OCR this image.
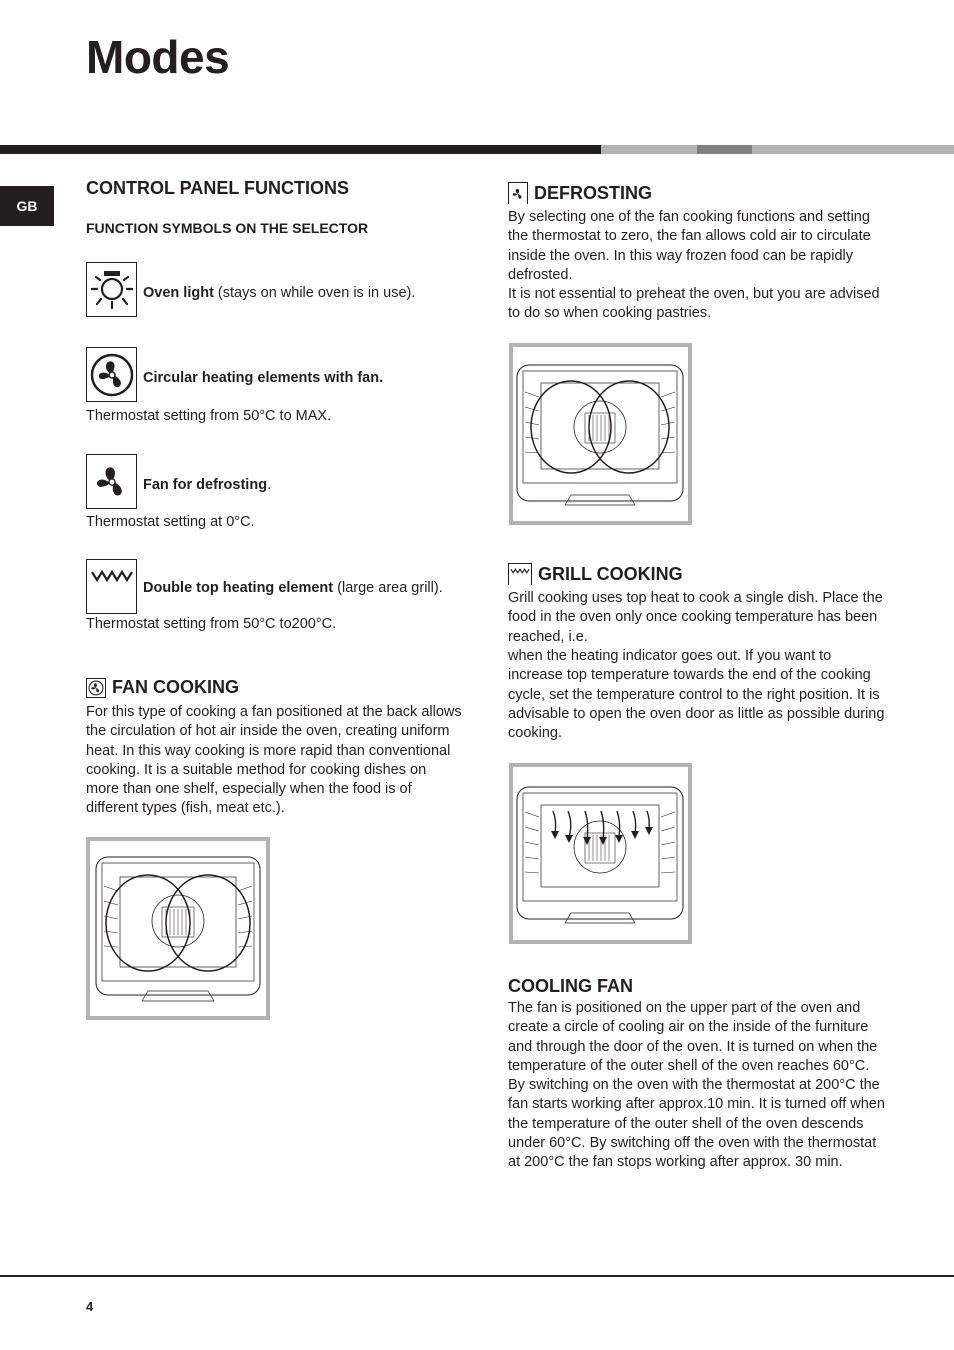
Modes
GB
CONTROL PANEL FUNCTIONS
FUNCTION SYMBOLS ON THE SELECTOR
Oven light (stays on while oven is in use).
Circular heating elements with fan.
Thermostat setting from 50°C to MAX.
Fan for defrosting.
Thermostat setting at 0°C.
Double top heating element (large area grill).
Thermostat setting from 50°C to200°C.
FAN COOKING

For this type of cooking a fan positioned at the back allows the circulation of hot air inside the oven, creating uniform heat. In this way cooking is more rapid than conventional cooking. It is a suitable method for cooking dishes on more than one shelf, especially when the food is of different types (fish, meat etc.).

DEFROSTING

By selecting one of the fan cooking functions and setting the thermostat to zero, the fan allows cold air to circulate inside the oven. In this way frozen food can be rapidly defrosted.

It is not essential to preheat the oven, but you are advised to do so when cooking pastries.

GRILL COOKING

Grill cooking uses top heat to cook a single dish. Place the food in the oven only once cooking temperature has been reached, i.e.

when the heating indicator goes out. If you want to increase top temperature towards the end of the cooking cycle, set the temperature control to the right position. It is advisable to open the oven door as little as possible during cooking.

COOLING FAN

The fan is positioned on the upper part of the oven and create a circle of cooling air on the inside of the furniture and through the door of the oven. It is turned on when the temperature of the outer shell of the oven reaches 60°C. By switching on the oven with the thermostat at 200°C the fan starts working after approx.10 min. It is turned off when the temperature of the outer shell of the oven descends under 60°C. By switching off the oven with the thermostat at 200°C the fan stops working after approx. 30 min.

4
